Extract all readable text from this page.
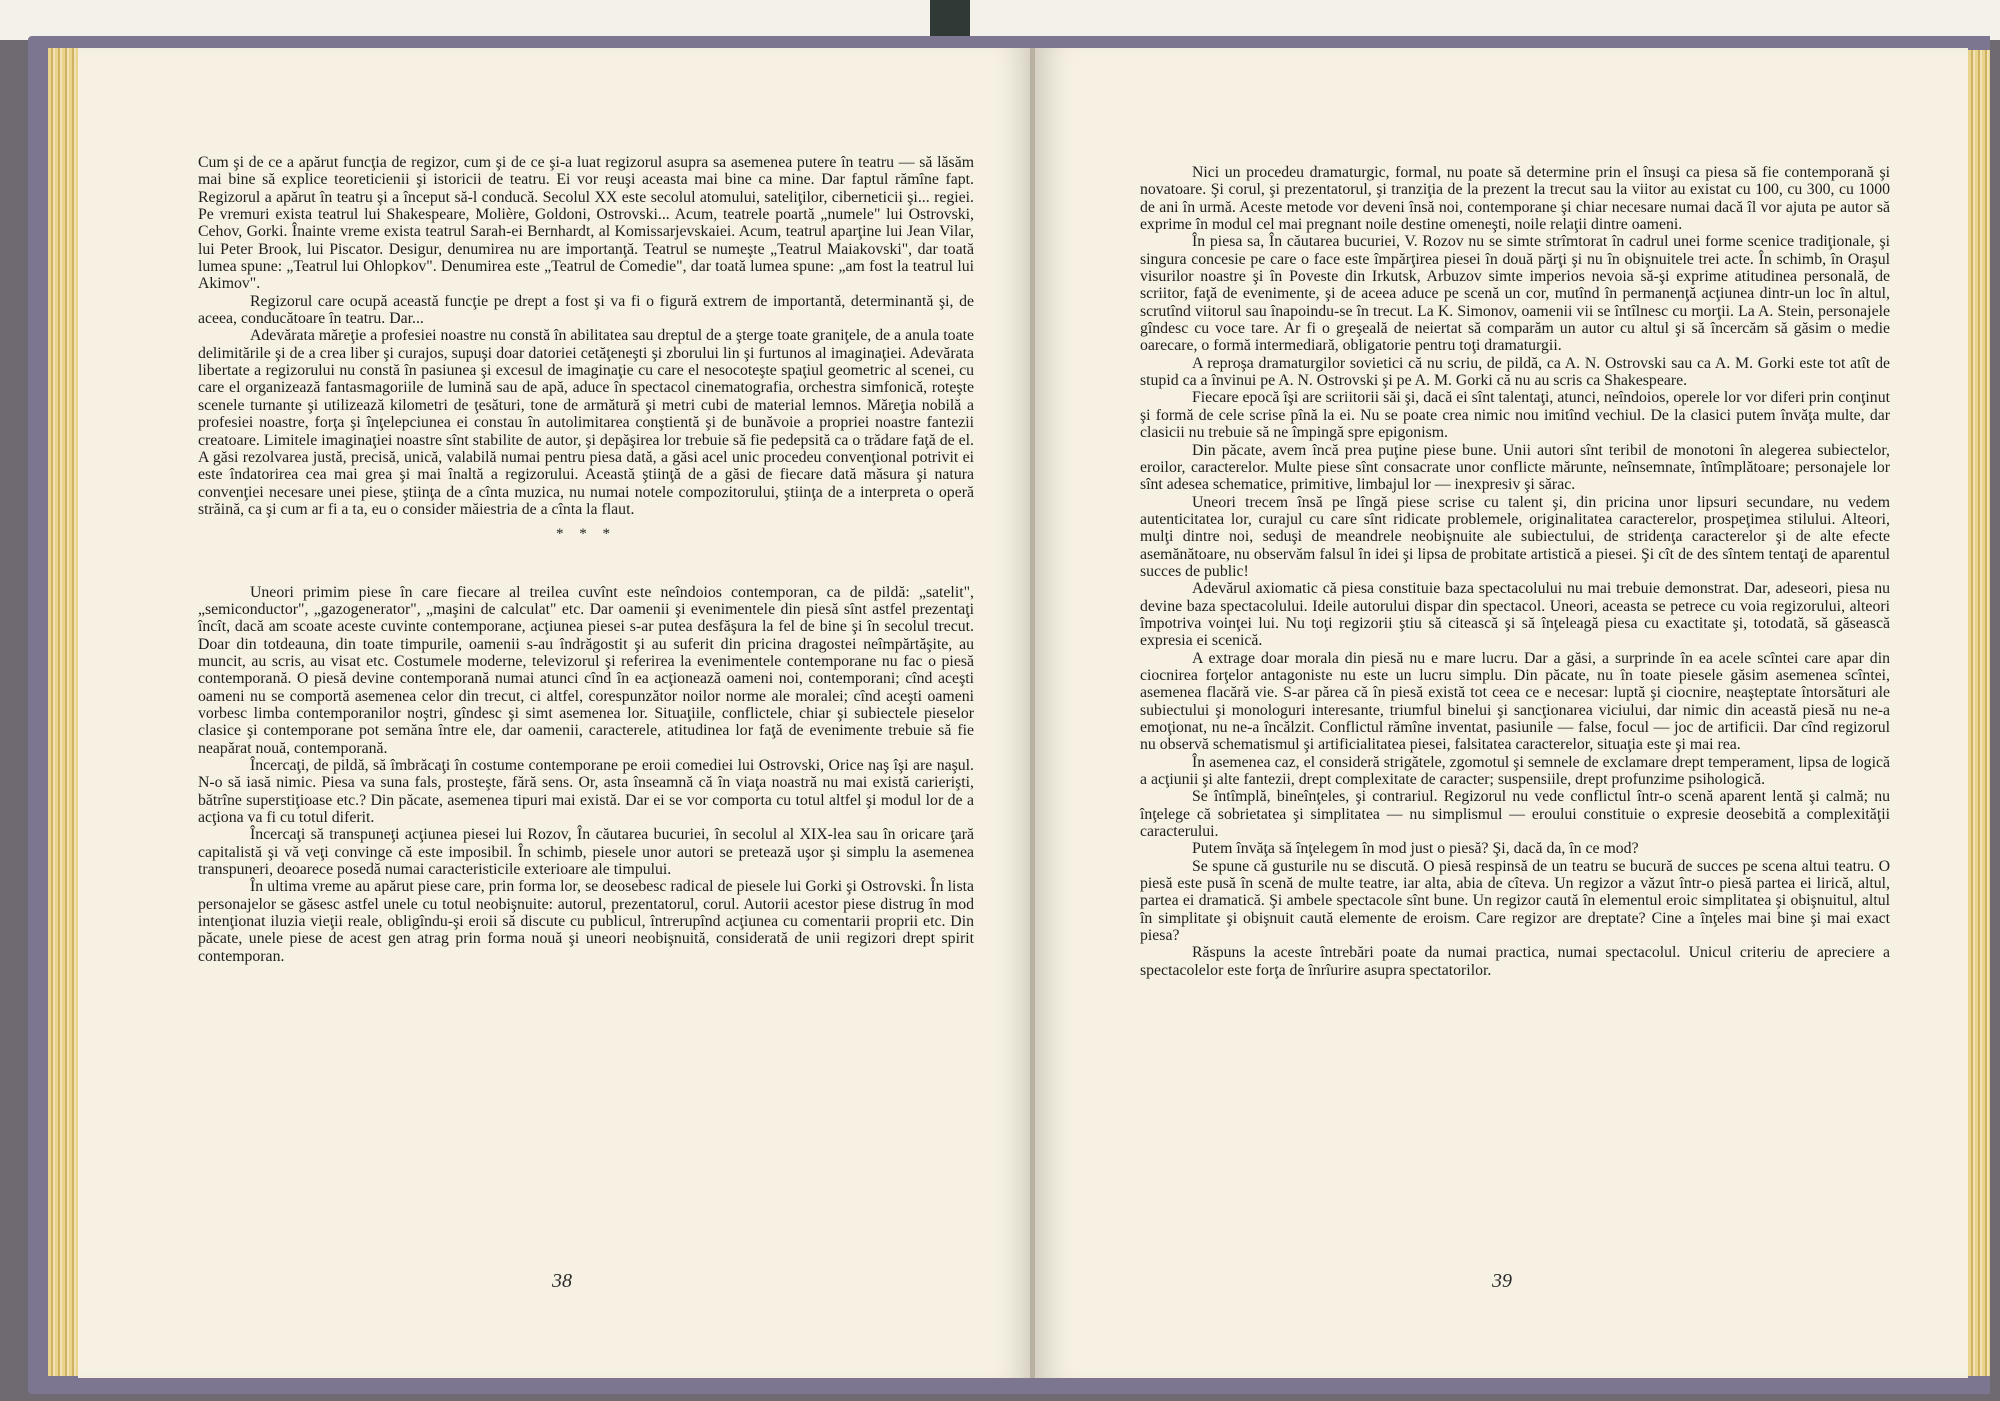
Cum şi de ce a apărut funcţia de regizor, cum şi de ce şi-a luat regizorul asupra sa asemenea putere în teatru — să lăsăm mai bine să explice teoreticienii şi istoricii de teatru. Ei vor reuşi aceasta mai bine ca mine. Dar faptul rămîne fapt. Regizorul a apărut în teatru şi a început să-l conducă. Secolul XX este secolul atomului, sateliţilor, ciberneticii şi... regiei. Pe vremuri exista teatrul lui Shakespeare, Molière, Goldoni, Ostrovski... Acum, teatrele poartă „numele" lui Ostrovski, Cehov, Gorki. Înainte vreme exista teatrul Sarah-ei Bernhardt, al Komissarjevskaiei. Acum, teatrul aparţine lui Jean Vilar, lui Peter Brook, lui Piscator. Desigur, denumirea nu are importanţă. Teatrul se numeşte „Teatrul Maiakovski", dar toată lumea spune: „Teatrul lui Ohlopkov". Denumirea este „Teatrul de Comedie", dar toată lumea spune: „am fost la teatrul lui Akimov".

Regizorul care ocupă această funcţie pe drept a fost şi va fi o figură extrem de importantă, determinantă şi, de aceea, conducătoare în teatru. Dar...

Adevărata măreţie a profesiei noastre nu constă în abilitatea sau dreptul de a şterge toate graniţele, de a anula toate delimitările şi de a crea liber şi curajos, supuşi doar datoriei cetăţeneşti şi zborului lin şi furtunos al imaginaţiei. Adevărata libertate a regizorului nu constă în pasiunea şi excesul de imaginaţie cu care el nesocoteşte spaţiul geometric al scenei, cu care el organizează fantasmagoriile de lumină sau de apă, aduce în spectacol cinematografia, orchestra simfonică, roteşte scenele turnante şi utilizează kilometri de ţesături, tone de armătură şi metri cubi de material lemnos. Măreţia nobilă a profesiei noastre, forţa şi înţelepciunea ei constau în autolimitarea conştientă şi de bunăvoie a propriei noastre fantezii creatoare. Limitele imaginaţiei noastre sînt stabilite de autor, şi depăşirea lor trebuie să fie pedepsită ca o trădare faţă de el. A găsi rezolvarea justă, precisă, unică, valabilă numai pentru piesa dată, a găsi acel unic procedeu convenţional potrivit ei este îndatorirea cea mai grea şi mai înaltă a regizorului. Această ştiinţă de a găsi de fiecare dată măsura şi natura convenţiei necesare unei piese, ştiinţa de a cînta muzica, nu numai notele compozitorului, ştiinţa de a interpreta o operă străină, ca şi cum ar fi a ta, eu o consider măiestria de a cînta la flaut.

* * *

Uneori primim piese în care fiecare al treilea cuvînt este neîndoios contemporan, ca de pildă: „satelit", „semiconductor", „gazogenerator", „maşini de calculat" etc. Dar oamenii şi evenimentele din piesă sînt astfel prezentaţi încît, dacă am scoate aceste cuvinte contemporane, acţiunea piesei s-ar putea desfăşura la fel de bine şi în secolul trecut. Doar din totdeauna, din toate timpurile, oamenii s-au îndrăgostit şi au suferit din pricina dragostei neîmpărtăşite, au muncit, au scris, au visat etc. Costumele moderne, televizorul şi referirea la evenimentele contemporane nu fac o piesă contemporană. O piesă devine contemporană numai atunci cînd în ea acţionează oameni noi, contemporani; cînd aceşti oameni nu se comportă asemenea celor din trecut, ci altfel, corespunzător noilor norme ale moralei; cînd aceşti oameni vorbesc limba contemporanilor noştri, gîndesc şi simt asemenea lor. Situaţiile, conflictele, chiar şi subiectele pieselor clasice şi contemporane pot semăna între ele, dar oamenii, caracterele, atitudinea lor faţă de evenimente trebuie să fie neapărat nouă, contemporană.

Încercaţi, de pildă, să îmbrăcaţi în costume contemporane pe eroii comediei lui Ostrovski, Orice naş îşi are naşul. N-o să iasă nimic. Piesa va suna fals, prosteşte, fără sens. Or, asta înseamnă că în viaţa noastră nu mai există carierişti, bătrîne superstiţioase etc.? Din păcate, asemenea tipuri mai există. Dar ei se vor comporta cu totul altfel şi modul lor de a acţiona va fi cu totul diferit.

Încercaţi să transpuneţi acţiunea piesei lui Rozov, În căutarea bucuriei, în secolul al XIX-lea sau în oricare ţară capitalistă şi vă veţi convinge că este imposibil. În schimb, piesele unor autori se pretează uşor şi simplu la asemenea transpuneri, deoarece posedă numai caracteristicile exterioare ale timpului.

În ultima vreme au apărut piese care, prin forma lor, se deosebesc radical de piesele lui Gorki şi Ostrovski. În lista personajelor se găsesc astfel unele cu totul neobişnuite: autorul, prezentatorul, corul. Autorii acestor piese distrug în mod intenţionat iluzia vieţii reale, obligîndu-şi eroii să discute cu publicul, întrerupînd acţiunea cu comentarii proprii etc. Din păcate, unele piese de acest gen atrag prin forma nouă şi uneori neobişnuită, considerată de unii regizori drept spirit contemporan.

38

Nici un procedeu dramaturgic, formal, nu poate să determine prin el însuşi ca piesa să fie contemporană şi novatoare. Şi corul, şi prezentatorul, şi tranziţia de la prezent la trecut sau la viitor au existat cu 100, cu 300, cu 1000 de ani în urmă. Aceste metode vor deveni însă noi, contemporane şi chiar necesare numai dacă îl vor ajuta pe autor să exprime în modul cel mai pregnant noile destine omeneşti, noile relaţii dintre oameni.

În piesa sa, În căutarea bucuriei, V. Rozov nu se simte strîmtorat în cadrul unei forme scenice tradiţionale, şi singura concesie pe care o face este împărţirea piesei în două părţi şi nu în obişnuitele trei acte. În schimb, în Oraşul visurilor noastre şi în Poveste din Irkutsk, Arbuzov simte imperios nevoia să-şi exprime atitudinea personală, de scriitor, faţă de evenimente, şi de aceea aduce pe scenă un cor, mutînd în permanenţă acţiunea dintr-un loc în altul, scrutînd viitorul sau înapoindu-se în trecut. La K. Simonov, oamenii vii se întîlnesc cu morţii. La A. Stein, personajele gîndesc cu voce tare. Ar fi o greşeală de neiertat să comparăm un autor cu altul şi să încercăm să găsim o medie oarecare, o formă intermediară, obligatorie pentru toţi dramaturgii.

A reproşa dramaturgilor sovietici că nu scriu, de pildă, ca A. N. Ostrovski sau ca A. M. Gorki este tot atît de stupid ca a învinui pe A. N. Ostrovski şi pe A. M. Gorki că nu au scris ca Shakespeare.

Fiecare epocă îşi are scriitorii săi şi, dacă ei sînt talentaţi, atunci, neîndoios, operele lor vor diferi prin conţinut şi formă de cele scrise pînă la ei. Nu se poate crea nimic nou imitînd vechiul. De la clasici putem învăţa multe, dar clasicii nu trebuie să ne împingă spre epigonism.

Din păcate, avem încă prea puţine piese bune. Unii autori sînt teribil de monotoni în alegerea subiectelor, eroilor, caracterelor. Multe piese sînt consacrate unor conflicte mărunte, neînsemnate, întîmplătoare; personajele lor sînt adesea schematice, primitive, limbajul lor — inexpresiv şi sărac.

Uneori trecem însă pe lîngă piese scrise cu talent şi, din pricina unor lipsuri secundare, nu vedem autenticitatea lor, curajul cu care sînt ridicate problemele, originalitatea caracterelor, prospeţimea stilului. Alteori, mulţi dintre noi, seduşi de meandrele neobişnuite ale subiectului, de stridenţa caracterelor şi de alte efecte asemănătoare, nu observăm falsul în idei şi lipsa de probitate artistică a piesei. Şi cît de des sîntem tentaţi de aparentul succes de public!

Adevărul axiomatic că piesa constituie baza spectacolului nu mai trebuie demonstrat. Dar, adeseori, piesa nu devine baza spectacolului. Ideile autorului dispar din spectacol. Uneori, aceasta se petrece cu voia regizorului, alteori împotriva voinţei lui. Nu toţi regizorii ştiu să citească şi să înţeleagă piesa cu exactitate şi, totodată, să găsească expresia ei scenică.

A extrage doar morala din piesă nu e mare lucru. Dar a găsi, a surprinde în ea acele scîntei care apar din ciocnirea forţelor antagoniste nu este un lucru simplu. Din păcate, nu în toate piesele găsim asemenea scîntei, asemenea flacără vie. S-ar părea că în piesă există tot ceea ce e necesar: luptă şi ciocnire, neaşteptate întorsături ale subiectului şi monologuri interesante, triumful binelui şi sancţionarea viciului, dar nimic din această piesă nu ne-a emoţionat, nu ne-a încălzit. Conflictul rămîne inventat, pasiunile — false, focul — joc de artificii. Dar cînd regizorul nu observă schematismul şi artificialitatea piesei, falsitatea caracterelor, situaţia este şi mai rea.

În asemenea caz, el consideră strigătele, zgomotul şi semnele de exclamare drept temperament, lipsa de logică a acţiunii şi alte fantezii, drept complexitate de caracter; suspensiile, drept profunzime psihologică.

Se întîmplă, bineînţeles, şi contrariul. Regizorul nu vede conflictul într-o scenă aparent lentă şi calmă; nu înţelege că sobrietatea şi simplitatea — nu simplismul — eroului constituie o expresie deosebită a complexităţii caracterului.

Putem învăţa să înţelegem în mod just o piesă? Şi, dacă da, în ce mod?

Se spune că gusturile nu se discută. O piesă respinsă de un teatru se bucură de succes pe scena altui teatru. O piesă este pusă în scenă de multe teatre, iar alta, abia de cîteva. Un regizor a văzut într-o piesă partea ei lirică, altul, partea ei dramatică. Şi ambele spectacole sînt bune. Un regizor caută în elementul eroic simplitatea şi obişnuitul, altul în simplitate şi obişnuit caută elemente de eroism. Care regizor are dreptate? Cine a înţeles mai bine şi mai exact piesa?

Răspuns la aceste întrebări poate da numai practica, numai spectacolul. Unicul criteriu de apreciere a spectacolelor este forţa de înrîurire asupra spectatorilor.

39
